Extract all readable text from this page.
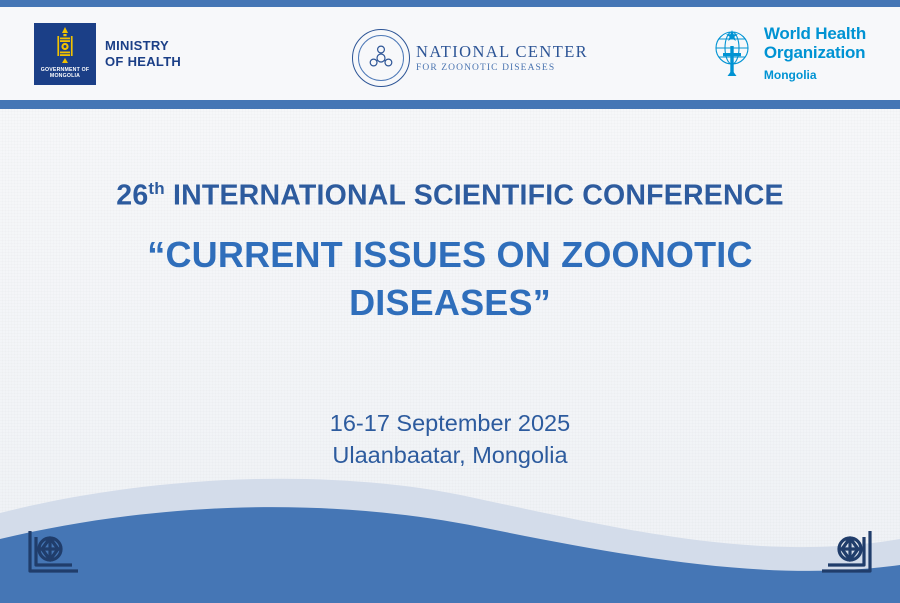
GOVERNMENT OF
MONGOLIA
MINISTRY
OF HEALTH
NATIONAL CENTER
FOR ZOONOTIC DISEASES
World Health
Organization
Mongolia
26th INTERNATIONAL SCIENTIFIC CONFERENCE
“CURRENT ISSUES ON ZOONOTIC
DISEASES”
16-17 September 2025
Ulaanbaatar, Mongolia
